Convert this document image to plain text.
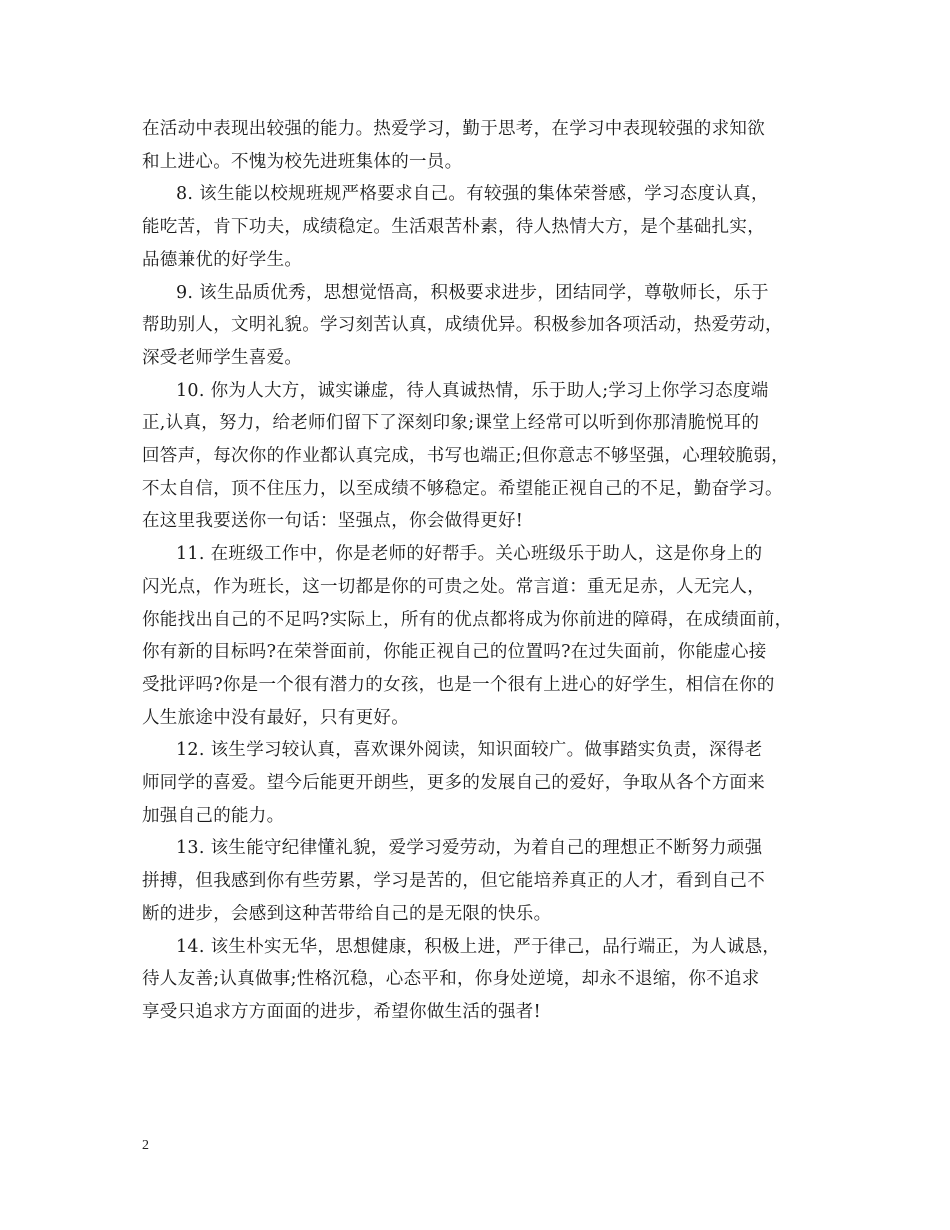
在活动中表现出较强的能力。热爱学习，勤于思考，在学习中表现较强的求知欲
和上进心。不愧为校先进班集体的一员。

8. 该生能以校规班规严格要求自己。有较强的集体荣誉感，学习态度认真，
能吃苦，肯下功夫，成绩稳定。生活艰苦朴素，待人热情大方，是个基础扎实，
品德兼优的好学生。

9. 该生品质优秀，思想觉悟高，积极要求进步，团结同学，尊敬师长，乐于
帮助别人，文明礼貌。学习刻苦认真，成绩优异。积极参加各项活动，热爱劳动，
深受老师学生喜爱。

10. 你为人大方，诚实谦虚，待人真诚热情，乐于助人;学习上你学习态度端
正,认真，努力，给老师们留下了深刻印象;课堂上经常可以听到你那清脆悦耳的
回答声，每次你的作业都认真完成，书写也端正;但你意志不够坚强，心理较脆弱，
不太自信，顶不住压力，以至成绩不够稳定。希望能正视自己的不足，勤奋学习。
在这里我要送你一句话：坚强点，你会做得更好!

11. 在班级工作中，你是老师的好帮手。关心班级乐于助人，这是你身上的
闪光点，作为班长，这一切都是你的可贵之处。常言道：重无足赤，人无完人，
你能找出自己的不足吗?实际上，所有的优点都将成为你前进的障碍，在成绩面前，
你有新的目标吗?在荣誉面前，你能正视自己的位置吗?在过失面前，你能虚心接
受批评吗?你是一个很有潜力的女孩，也是一个很有上进心的好学生，相信在你的
人生旅途中没有最好，只有更好。

12. 该生学习较认真，喜欢课外阅读，知识面较广。做事踏实负责，深得老
师同学的喜爱。望今后能更开朗些，更多的发展自己的爱好，争取从各个方面来
加强自己的能力。

13. 该生能守纪律懂礼貌，爱学习爱劳动，为着自己的理想正不断努力顽强
拼搏，但我感到你有些劳累，学习是苦的，但它能培养真正的人才，看到自己不
断的进步，会感到这种苦带给自己的是无限的快乐。

14. 该生朴实无华，思想健康，积极上进，严于律己，品行端正，为人诚恳，
待人友善;认真做事;性格沉稳，心态平和，你身处逆境，却永不退缩，你不追求
享受只追求方方面面的进步，希望你做生活的强者!

2
